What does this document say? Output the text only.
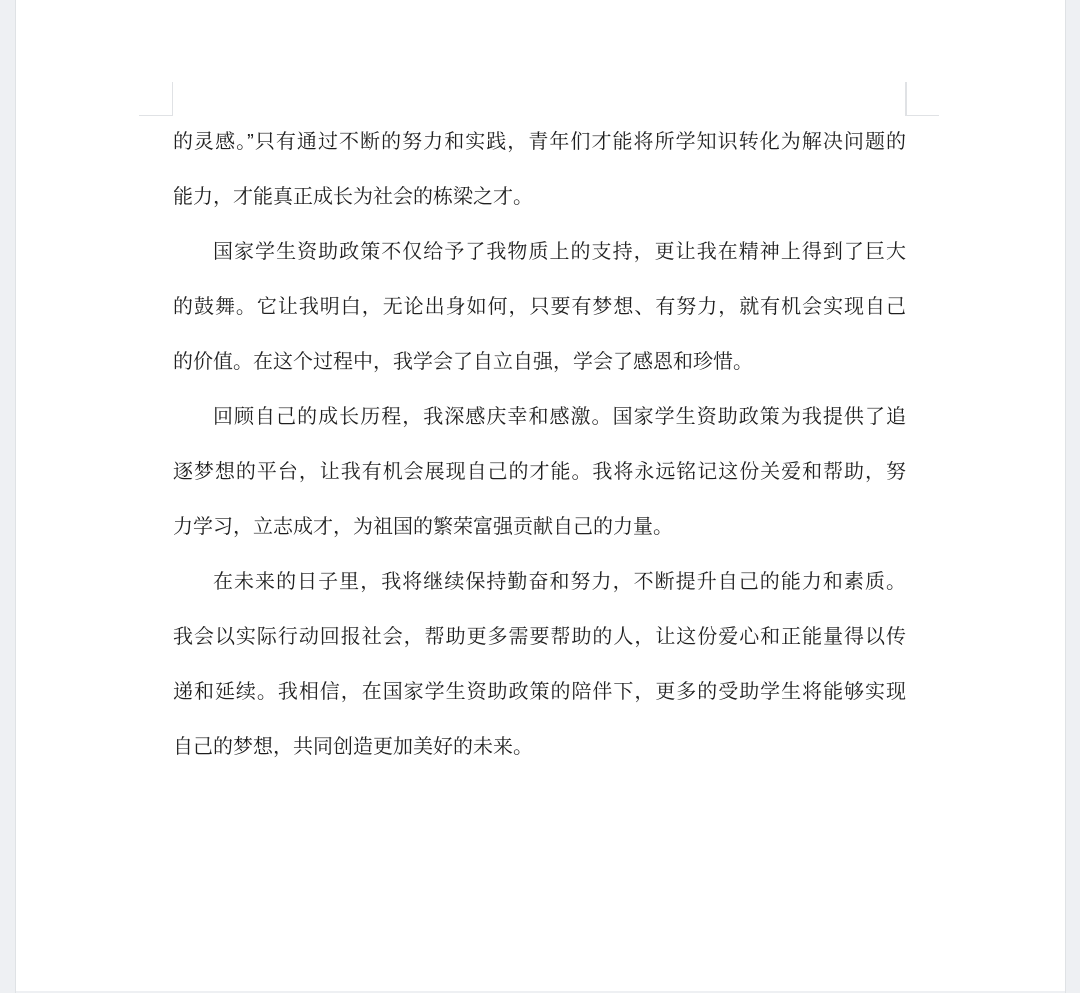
的灵感。”只有通过不断的努力和实践，青年们才能将所学知识转化为解决问题的
能力，才能真正成长为社会的栋梁之才。
国家学生资助政策不仅给予了我物质上的支持，更让我在精神上得到了巨大
的鼓舞。它让我明白，无论出身如何，只要有梦想、有努力，就有机会实现自己
的价值。在这个过程中，我学会了自立自强，学会了感恩和珍惜。
回顾自己的成长历程，我深感庆幸和感激。国家学生资助政策为我提供了追
逐梦想的平台，让我有机会展现自己的才能。我将永远铭记这份关爱和帮助，努
力学习，立志成才，为祖国的繁荣富强贡献自己的力量。
在未来的日子里，我将继续保持勤奋和努力，不断提升自己的能力和素质。
我会以实际行动回报社会，帮助更多需要帮助的人，让这份爱心和正能量得以传
递和延续。我相信，在国家学生资助政策的陪伴下，更多的受助学生将能够实现
自己的梦想，共同创造更加美好的未来。
